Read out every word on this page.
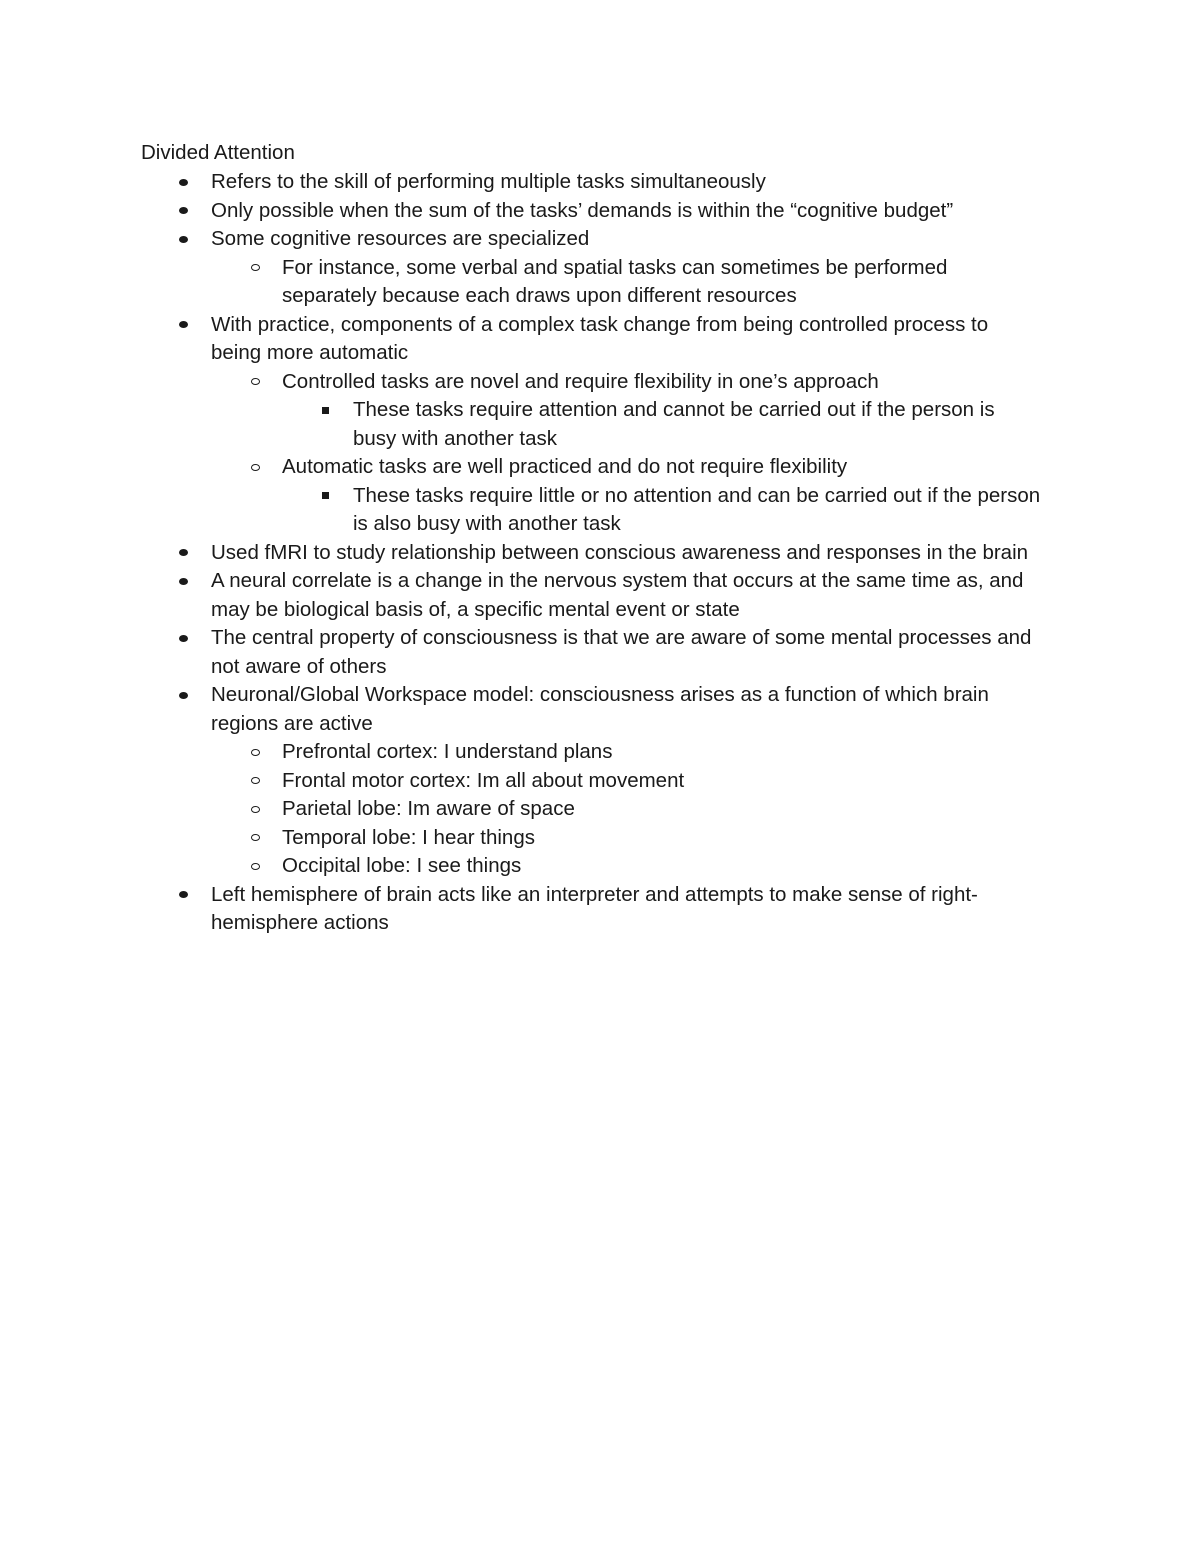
Divided Attention
Refers to the skill of performing multiple tasks simultaneously
Only possible when the sum of the tasks’ demands is within the “cognitive budget”
Some cognitive resources are specialized
For instance, some verbal and spatial tasks can sometimes be performed separately because each draws upon different resources
With practice, components of a complex task change from being controlled process to being more automatic
Controlled tasks are novel and require flexibility in one’s approach
These tasks require attention and cannot be carried out if the person is busy with another task
Automatic tasks are well practiced and do not require flexibility
These tasks require little or no attention and can be carried out if the person is also busy with another task
Used fMRI to study relationship between conscious awareness and responses in the brain
A neural correlate is a change in the nervous system that occurs at the same time as, and may be biological basis of, a specific mental event or state
The central property of consciousness is that we are aware of some mental processes and not aware of others
Neuronal/Global Workspace model: consciousness arises as a function of which brain regions are active
Prefrontal cortex: I understand plans
Frontal motor cortex: Im all about movement
Parietal lobe: Im aware of space
Temporal lobe: I hear things
Occipital lobe: I see things
Left hemisphere of brain acts like an interpreter and attempts to make sense of right-hemisphere actions
